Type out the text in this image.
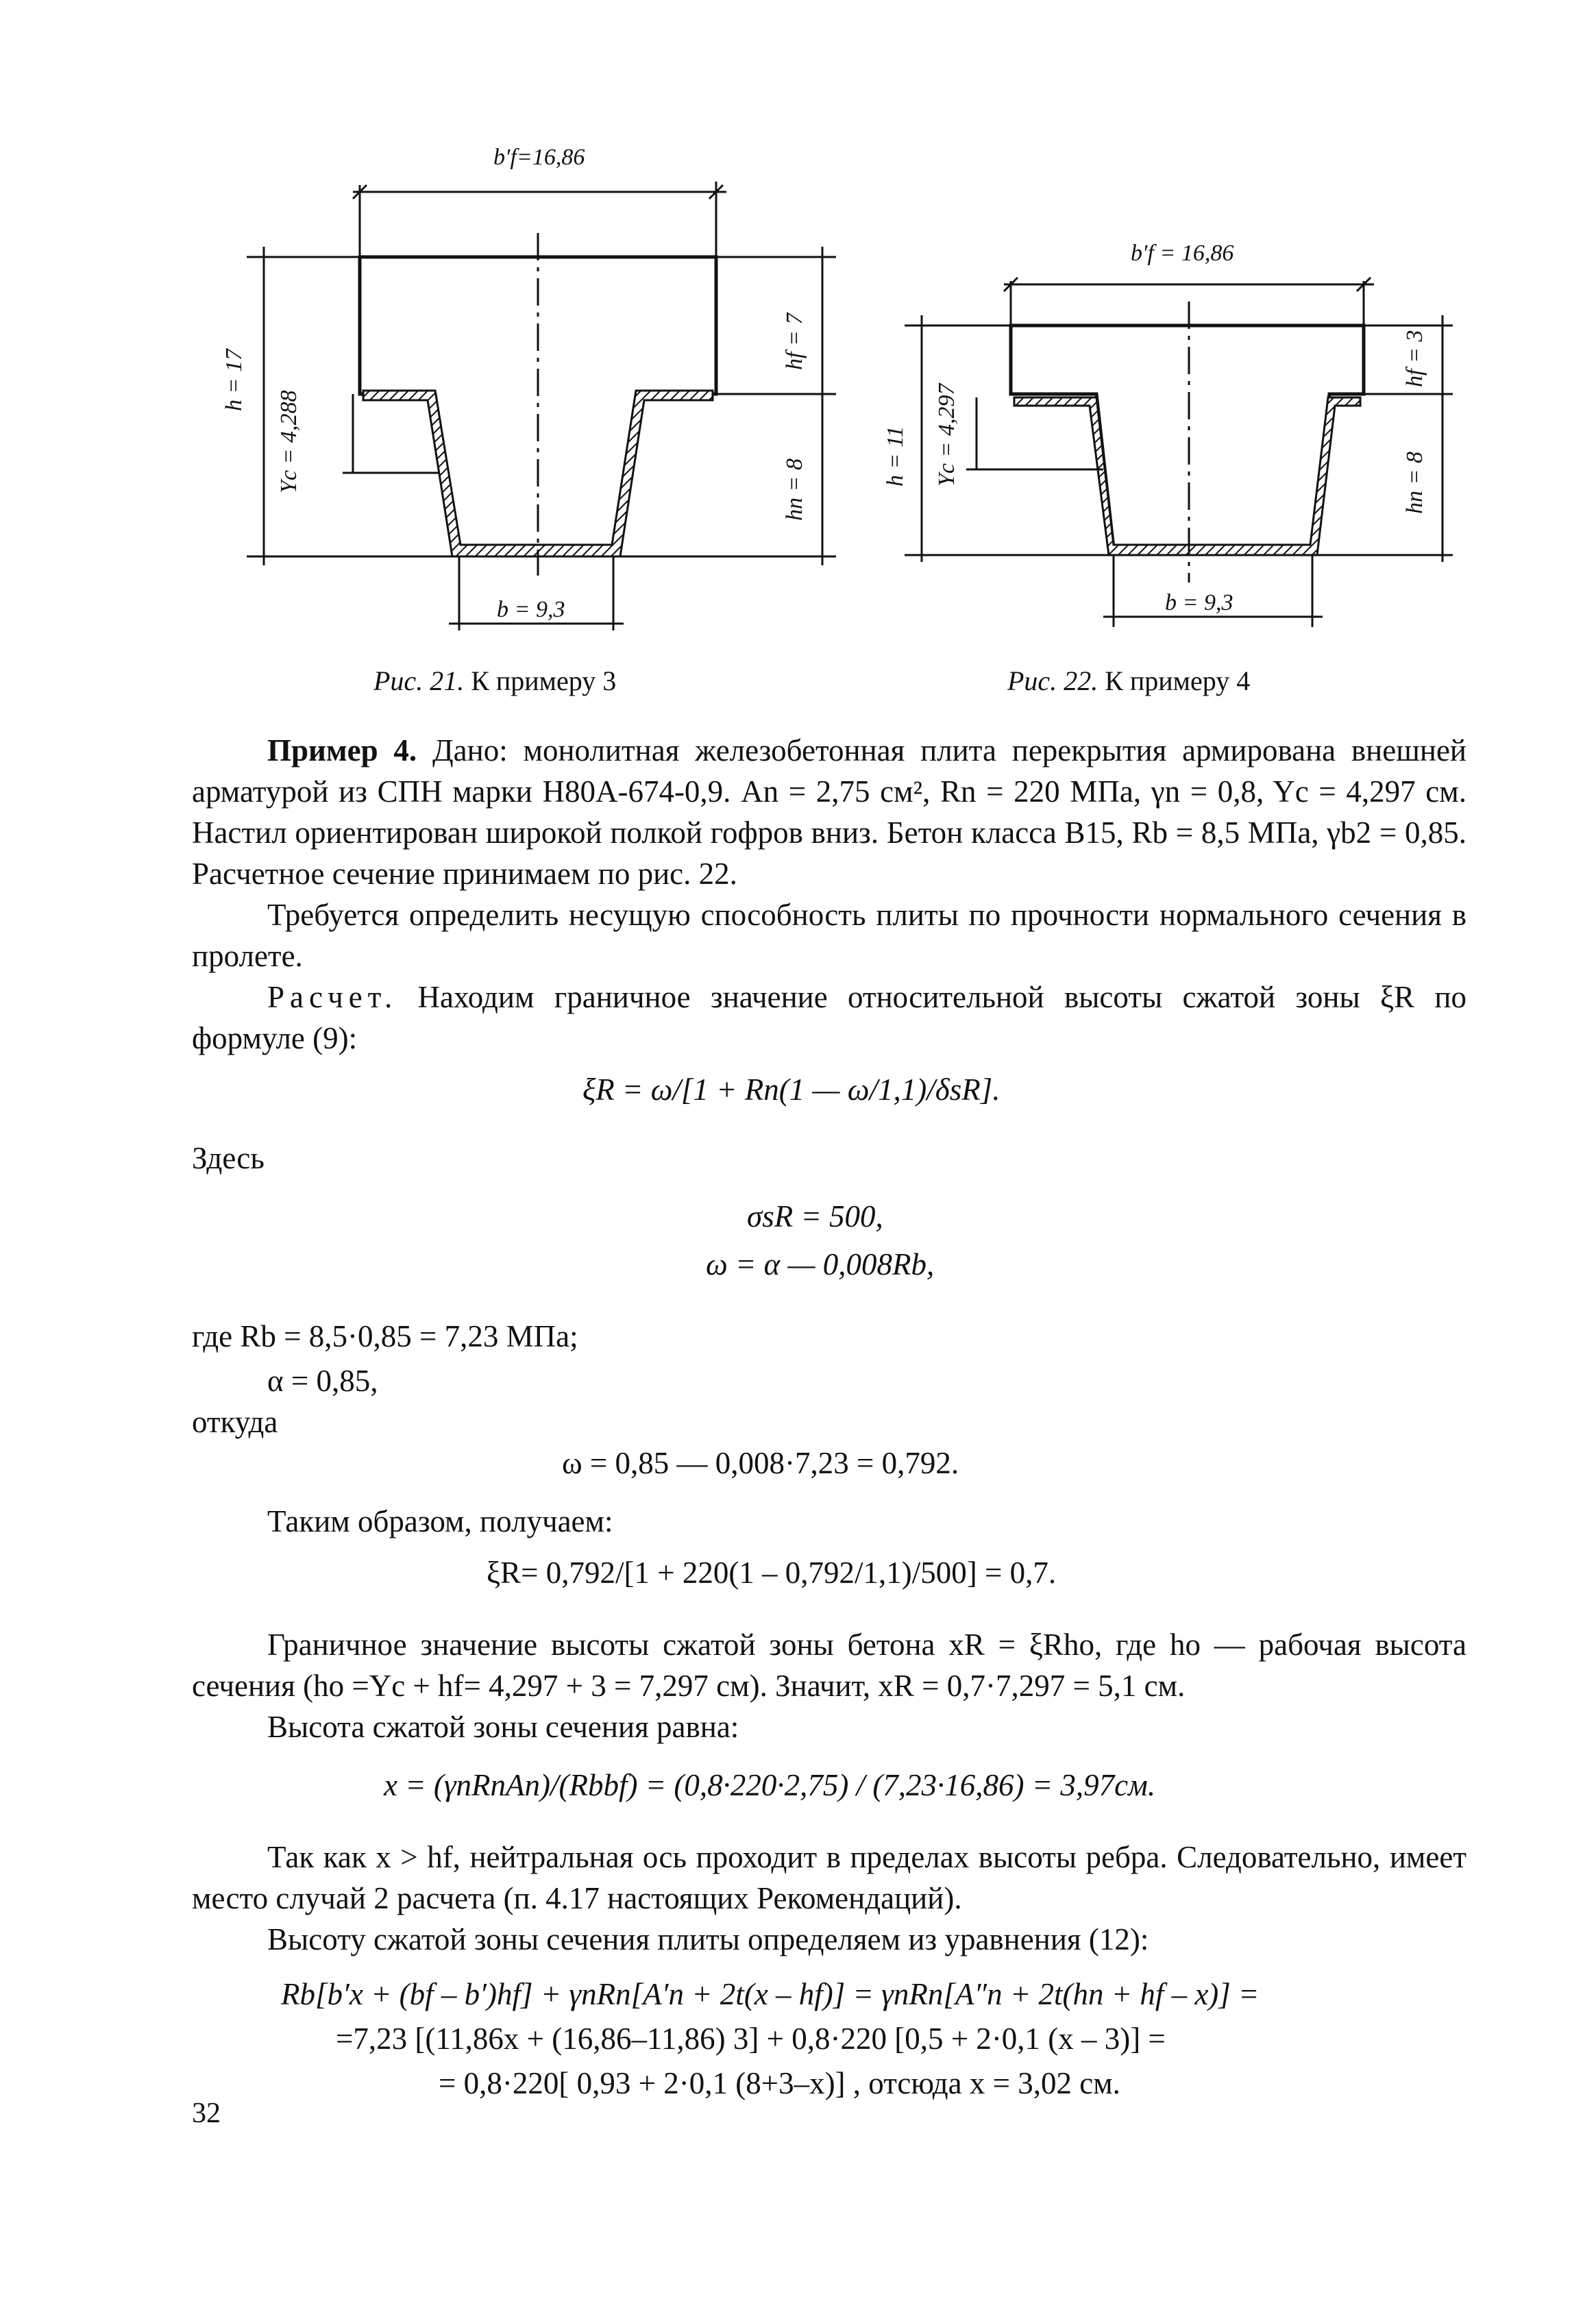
b′f=16,86
h = 17
Yc = 4,288
hf = 7
hn = 8
b = 9,3
Рис. 21. К примеру 3
b′f = 16,86
h = 11 Yc = 4,297
hf = 3
hn = 8
b = 9,3
Рис. 22. К примеру 4
Пример 4. Дано: монолитная железобетонная плита перекрытия армирована внешней арматурой из СПН марки Н80А-674-0,9. An = 2,75 см², Rn = 220 МПа, γn = 0,8, Yc = 4,297 см. Настил ориентирован широкой полкой гофров вниз. Бетон класса В15, Rb = 8,5 МПа, γb2 = 0,85. Расчетное сечение принимаем по рис. 22.
Требуется определить несущую способность плиты по прочности нормального сечения в пролете.
Расчет. Находим граничное значение относительной высоты сжатой зоны ξR по формуле (9):
ξR = ω/[1 + Rn(1 — ω/1,1)/δsR].
Здесь
σsR = 500,
ω = α — 0,008Rb,
где Rb = 8,5·0,85 = 7,23 МПа;
α = 0,85,
откуда
ω = 0,85 — 0,008·7,23 = 0,792.
Таким образом, получаем:
ξR= 0,792/[1 + 220(1 – 0,792/1,1)/500] = 0,7.
Граничное значение высоты сжатой зоны бетона xR = ξRho, где ho — рабочая высота сечения (ho =Yc + hf= 4,297 + 3 = 7,297 см). Значит, xR = 0,7·7,297 = 5,1 см.
Высота сжатой зоны сечения равна:
x = (γnRnAn)/(Rbbf) = (0,8·220·2,75) / (7,23·16,86) = 3,97см.
Так как x > hf, нейтральная ось проходит в пределах высоты ребра. Следовательно, имеет место случай 2 расчета (п. 4.17 настоящих Рекомендаций).
Высоту сжатой зоны сечения плиты определяем из уравнения (12):
Rb[b′x + (bf – b′)hf] + γnRn[A′n + 2t(x – hf)] = γnRn[A″n + 2t(hn + hf – x)] =
=7,23 [(11,86x + (16,86–11,86) 3] + 0,8·220 [0,5 + 2·0,1 (x – 3)] =
= 0,8·220[ 0,93 + 2·0,1 (8+3–x)] , отсюда x = 3,02 см.
32
